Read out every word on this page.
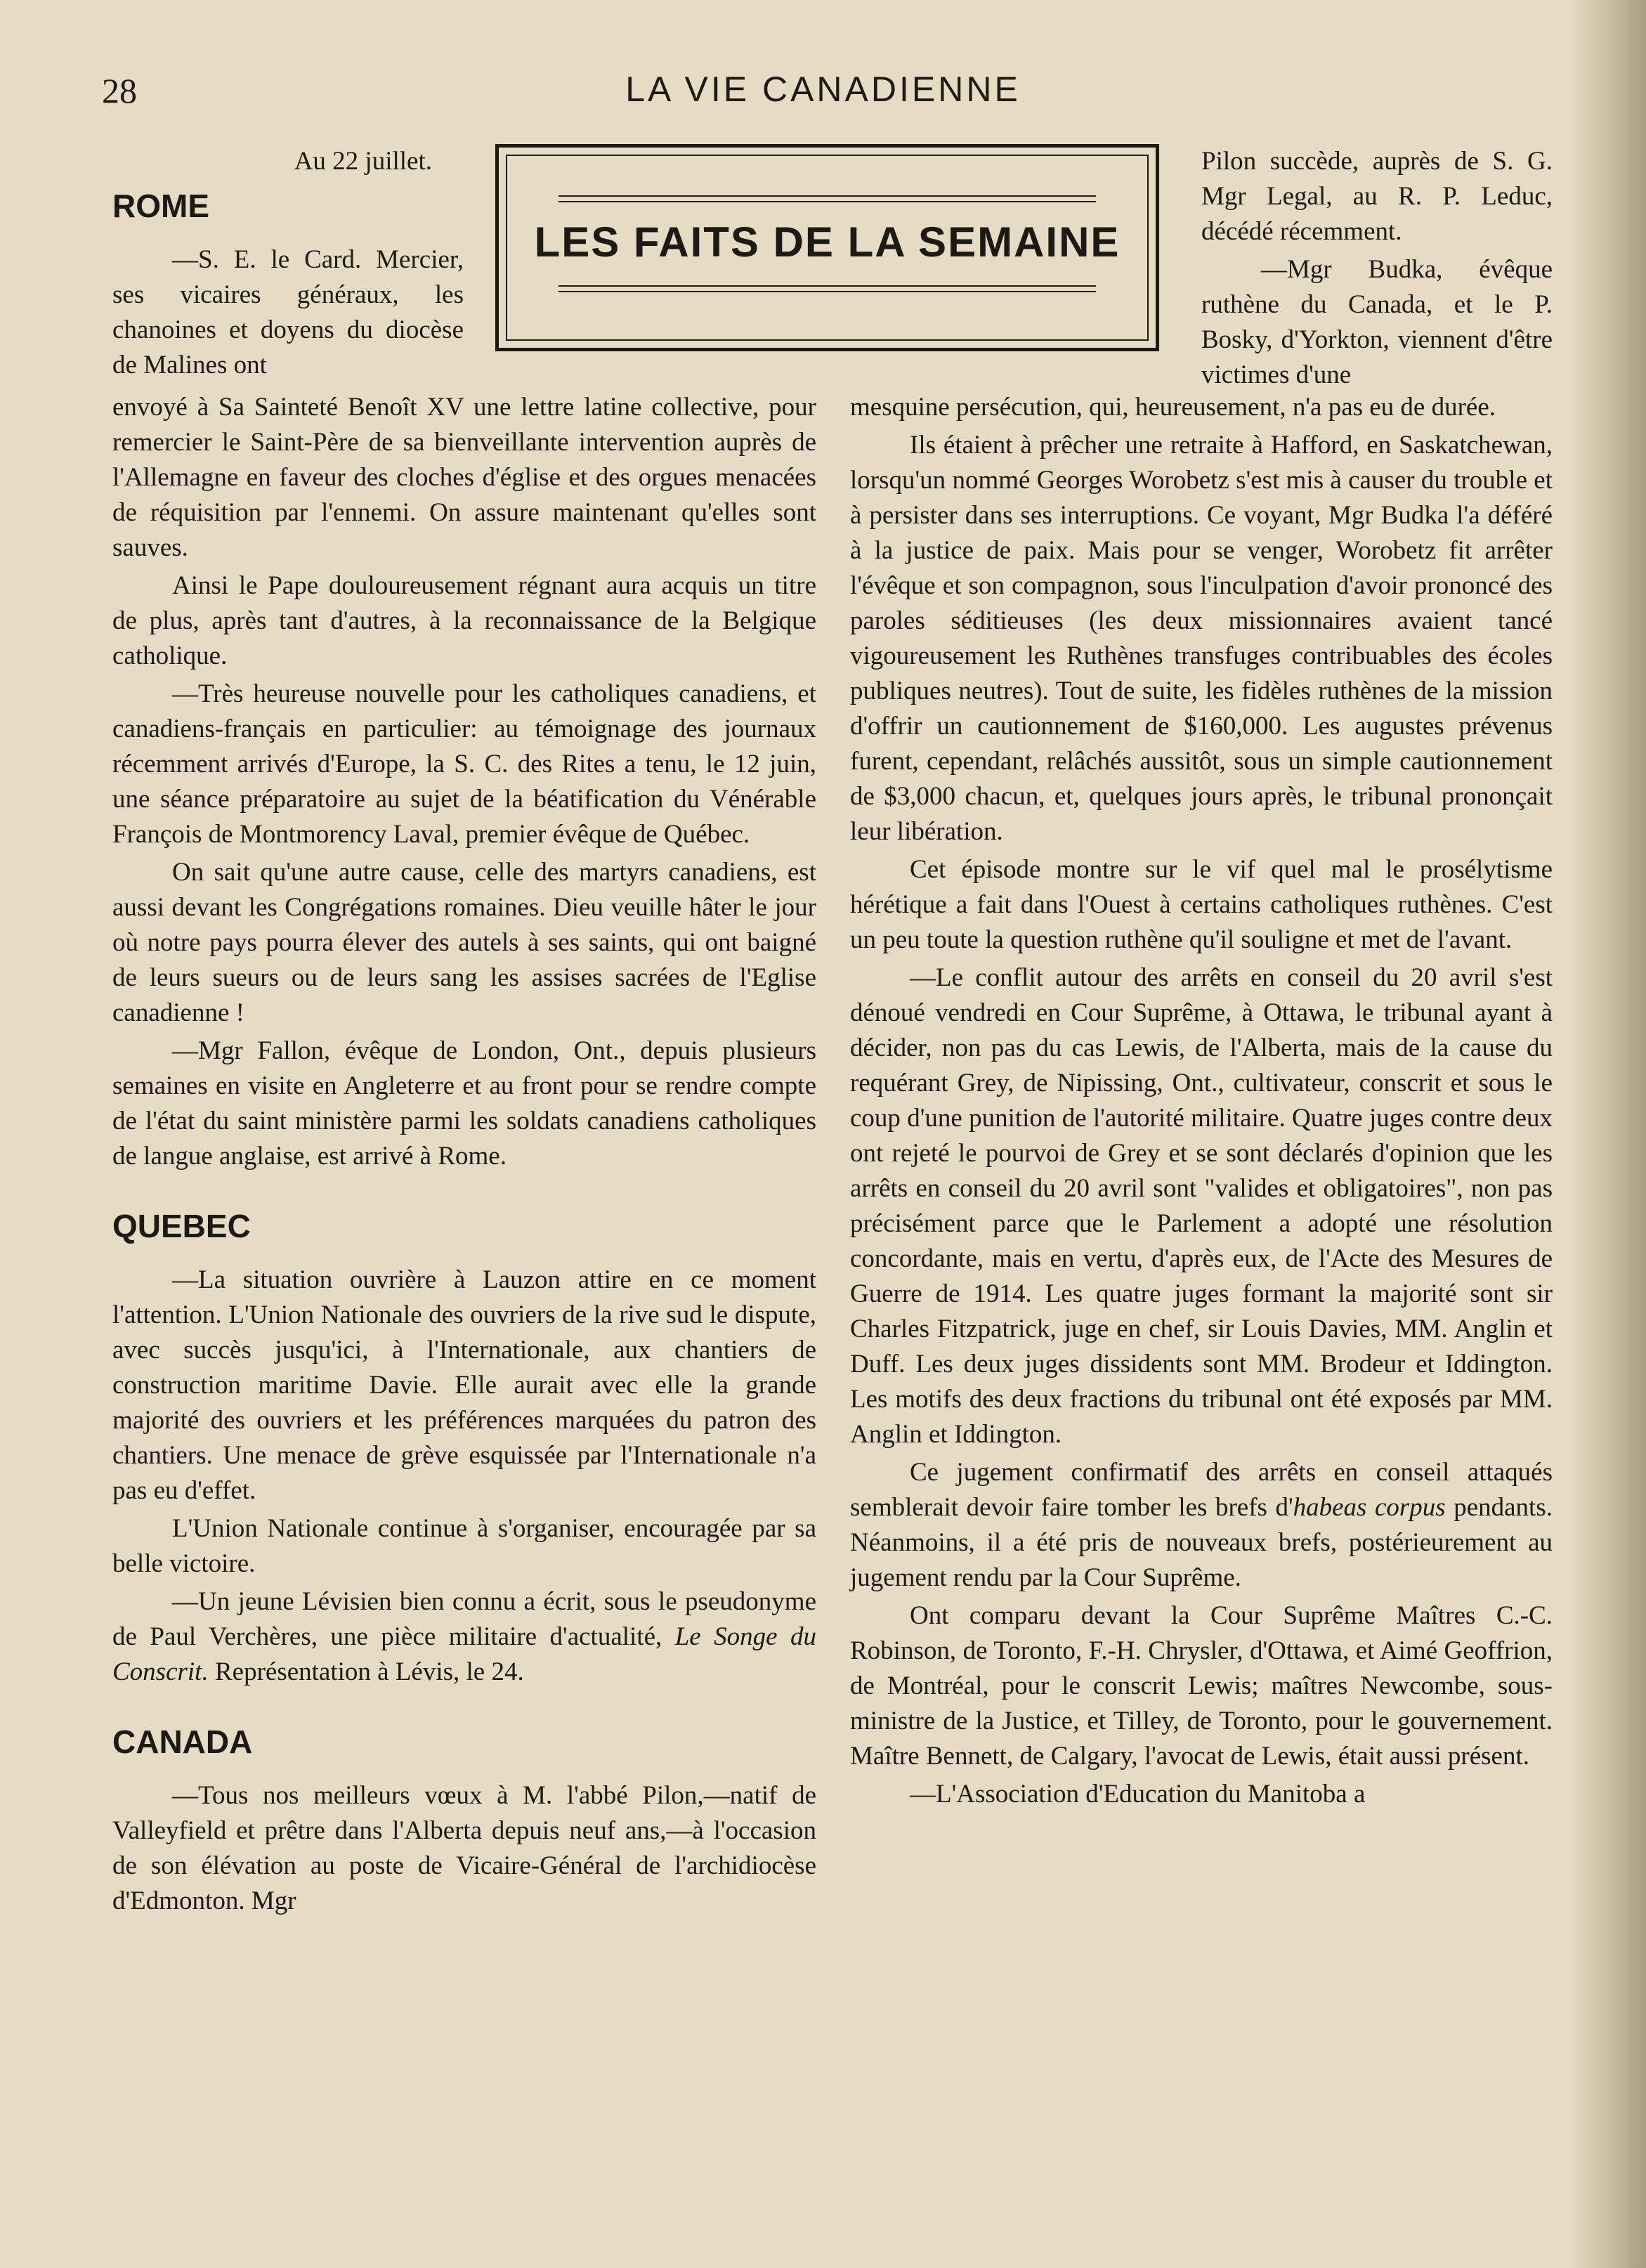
28	LA VIE CANADIENNE
LES FAITS DE LA SEMAINE
Au 22 juillet.
ROME

—S. E. le Card. Mercier, ses vicaires généraux, les chanoines et doyens du diocèse de Malines ont

envoyé à Sa Sainteté Benoît XV une lettre latine collective, pour remercier le Saint-Père de sa bienveillante intervention auprès de l'Allemagne en faveur des cloches d'église et des orgues menacées de réquisition par l'ennemi. On assure maintenant qu'elles sont sauves.

Ainsi le Pape douloureusement régnant aura acquis un titre de plus, après tant d'autres, à la reconnaissance de la Belgique catholique.

—Très heureuse nouvelle pour les catholiques canadiens, et canadiens-français en particulier: au témoignage des journaux récemment arrivés d'Europe, la S. C. des Rites a tenu, le 12 juin, une séance préparatoire au sujet de la béatification du Vénérable François de Montmorency Laval, premier évêque de Québec.

On sait qu'une autre cause, celle des martyrs canadiens, est aussi devant les Congrégations romaines. Dieu veuille hâter le jour où notre pays pourra élever des autels à ses saints, qui ont baigné de leurs sueurs ou de leurs sang les assises sacrées de l'Eglise canadienne !

—Mgr Fallon, évêque de London, Ont., depuis plusieurs semaines en visite en Angleterre et au front pour se rendre compte de l'état du saint ministère parmi les soldats canadiens catholiques de langue anglaise, est arrivé à Rome.

QUEBEC

—La situation ouvrière à Lauzon attire en ce moment l'attention. L'Union Nationale des ouvriers de la rive sud le dispute, avec succès jusqu'ici, à l'Internationale, aux chantiers de construction maritime Davie. Elle aurait avec elle la grande majorité des ouvriers et les préférences marquées du patron des chantiers. Une menace de grève esquissée par l'Internationale n'a pas eu d'effet.

L'Union Nationale continue à s'organiser, encouragée par sa belle victoire.

—Un jeune Lévisien bien connu a écrit, sous le pseudonyme de Paul Verchères, une pièce militaire d'actualité, Le Songe du Conscrit. Représentation à Lévis, le 24.

CANADA

—Tous nos meilleurs vœux à M. l'abbé Pilon,—natif de Valleyfield et prêtre dans l'Alberta depuis neuf ans,—à l'occasion de son élévation au poste de Vicaire-Général de l'archidiocèse d'Edmonton. Mgr

Pilon succède, auprès de S. G. Mgr Legal, au R. P. Leduc, décédé récemment.

—Mgr Budka, évêque ruthène du Canada, et le P. Bosky, d'Yorkton, viennent d'être victimes d'une

mesquine persécution, qui, heureusement, n'a pas eu de durée.

Ils étaient à prêcher une retraite à Hafford, en Saskatchewan, lorsqu'un nommé Georges Worobetz s'est mis à causer du trouble et à persister dans ses interruptions. Ce voyant, Mgr Budka l'a déféré à la justice de paix. Mais pour se venger, Worobetz fit arrêter l'évêque et son compagnon, sous l'inculpation d'avoir prononcé des paroles séditieuses (les deux missionnaires avaient tancé vigoureusement les Ruthènes transfuges contribuables des écoles publiques neutres). Tout de suite, les fidèles ruthènes de la mission d'offrir un cautionnement de $160,000. Les augustes prévenus furent, cependant, relâchés aussitôt, sous un simple cautionnement de $3,000 chacun, et, quelques jours après, le tribunal prononçait leur libération.

Cet épisode montre sur le vif quel mal le prosélytisme hérétique a fait dans l'Ouest à certains catholiques ruthènes. C'est un peu toute la question ruthène qu'il souligne et met de l'avant.

—Le conflit autour des arrêts en conseil du 20 avril s'est dénoué vendredi en Cour Suprême, à Ottawa, le tribunal ayant à décider, non pas du cas Lewis, de l'Alberta, mais de la cause du requérant Grey, de Nipissing, Ont., cultivateur, conscrit et sous le coup d'une punition de l'autorité militaire. Quatre juges contre deux ont rejeté le pourvoi de Grey et se sont déclarés d'opinion que les arrêts en conseil du 20 avril sont "valides et obligatoires", non pas précisément parce que le Parlement a adopté une résolution concordante, mais en vertu, d'après eux, de l'Acte des Mesures de Guerre de 1914. Les quatre juges formant la majorité sont sir Charles Fitzpatrick, juge en chef, sir Louis Davies, MM. Anglin et Duff. Les deux juges dissidents sont MM. Brodeur et Iddington. Les motifs des deux fractions du tribunal ont été exposés par MM. Anglin et Iddington.

Ce jugement confirmatif des arrêts en conseil attaqués semblerait devoir faire tomber les brefs d'habeas corpus pendants. Néanmoins, il a été pris de nouveaux brefs, postérieurement au jugement rendu par la Cour Suprême.

Ont comparu devant la Cour Suprême Maîtres C.-C. Robinson, de Toronto, F.-H. Chrysler, d'Ottawa, et Aimé Geoffrion, de Montréal, pour le conscrit Lewis; maîtres Newcombe, sous-ministre de la Justice, et Tilley, de Toronto, pour le gouvernement. Maître Bennett, de Calgary, l'avocat de Lewis, était aussi présent.

—L'Association d'Education du Manitoba a
